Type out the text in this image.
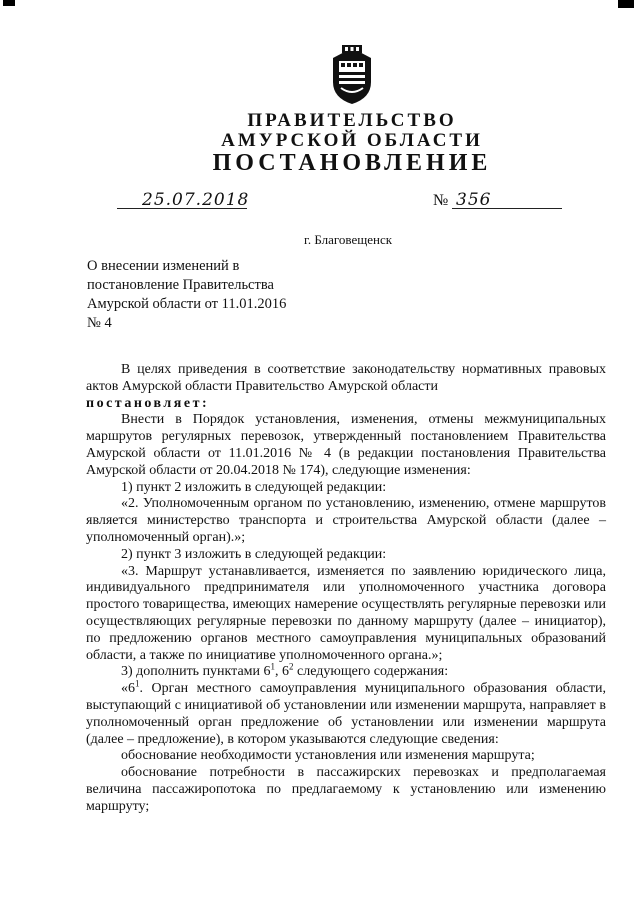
ПРАВИТЕЛЬСТВО
АМУРСКОЙ ОБЛАСТИ
ПОСТАНОВЛЕНИЕ
25.07.2018	№ 356
г. Благовещенск
О внесении изменений в
постановление Правительства
Амурской области от 11.01.2016
№ 4

В целях приведения в соответствие законодательству нормативных правовых актов Амурской области Правительство Амурской области

постановляет:

Внести в Порядок установления, изменения, отмены межмуниципальных маршрутов регулярных перевозок, утвержденный постановлением Правительства Амурской области от 11.01.2016 № 4 (в редакции постановления Правительства Амурской области от 20.04.2018 № 174), следующие изменения:

1) пункт 2 изложить в следующей редакции:

«2. Уполномоченным органом по установлению, изменению, отмене маршрутов является министерство транспорта и строительства Амурской области (далее – уполномоченный орган).»;

2) пункт 3 изложить в следующей редакции:

«3. Маршрут устанавливается, изменяется по заявлению юридического лица, индивидуального предпринимателя или уполномоченного участника договора простого товарищества, имеющих намерение осуществлять регулярные перевозки или осуществляющих регулярные перевозки по данному маршруту (далее – инициатор), по предложению органов местного самоуправления муниципальных образований области, а также по инициативе уполномоченного органа.»;

3) дополнить пунктами $6^1$, $6^2$ следующего содержания:

«$6^1$. Орган местного самоуправления муниципального образования области, выступающий с инициативой об установлении или изменении маршрута, направляет в уполномоченный орган предложение об установлении или изменении маршрута (далее – предложение), в котором указываются следующие сведения:

обоснование необходимости установления или изменения маршрута;

обоснование потребности в пассажирских перевозках и предполагаемая величина пассажиропотока по предлагаемому к установлению или изменению маршруту;
